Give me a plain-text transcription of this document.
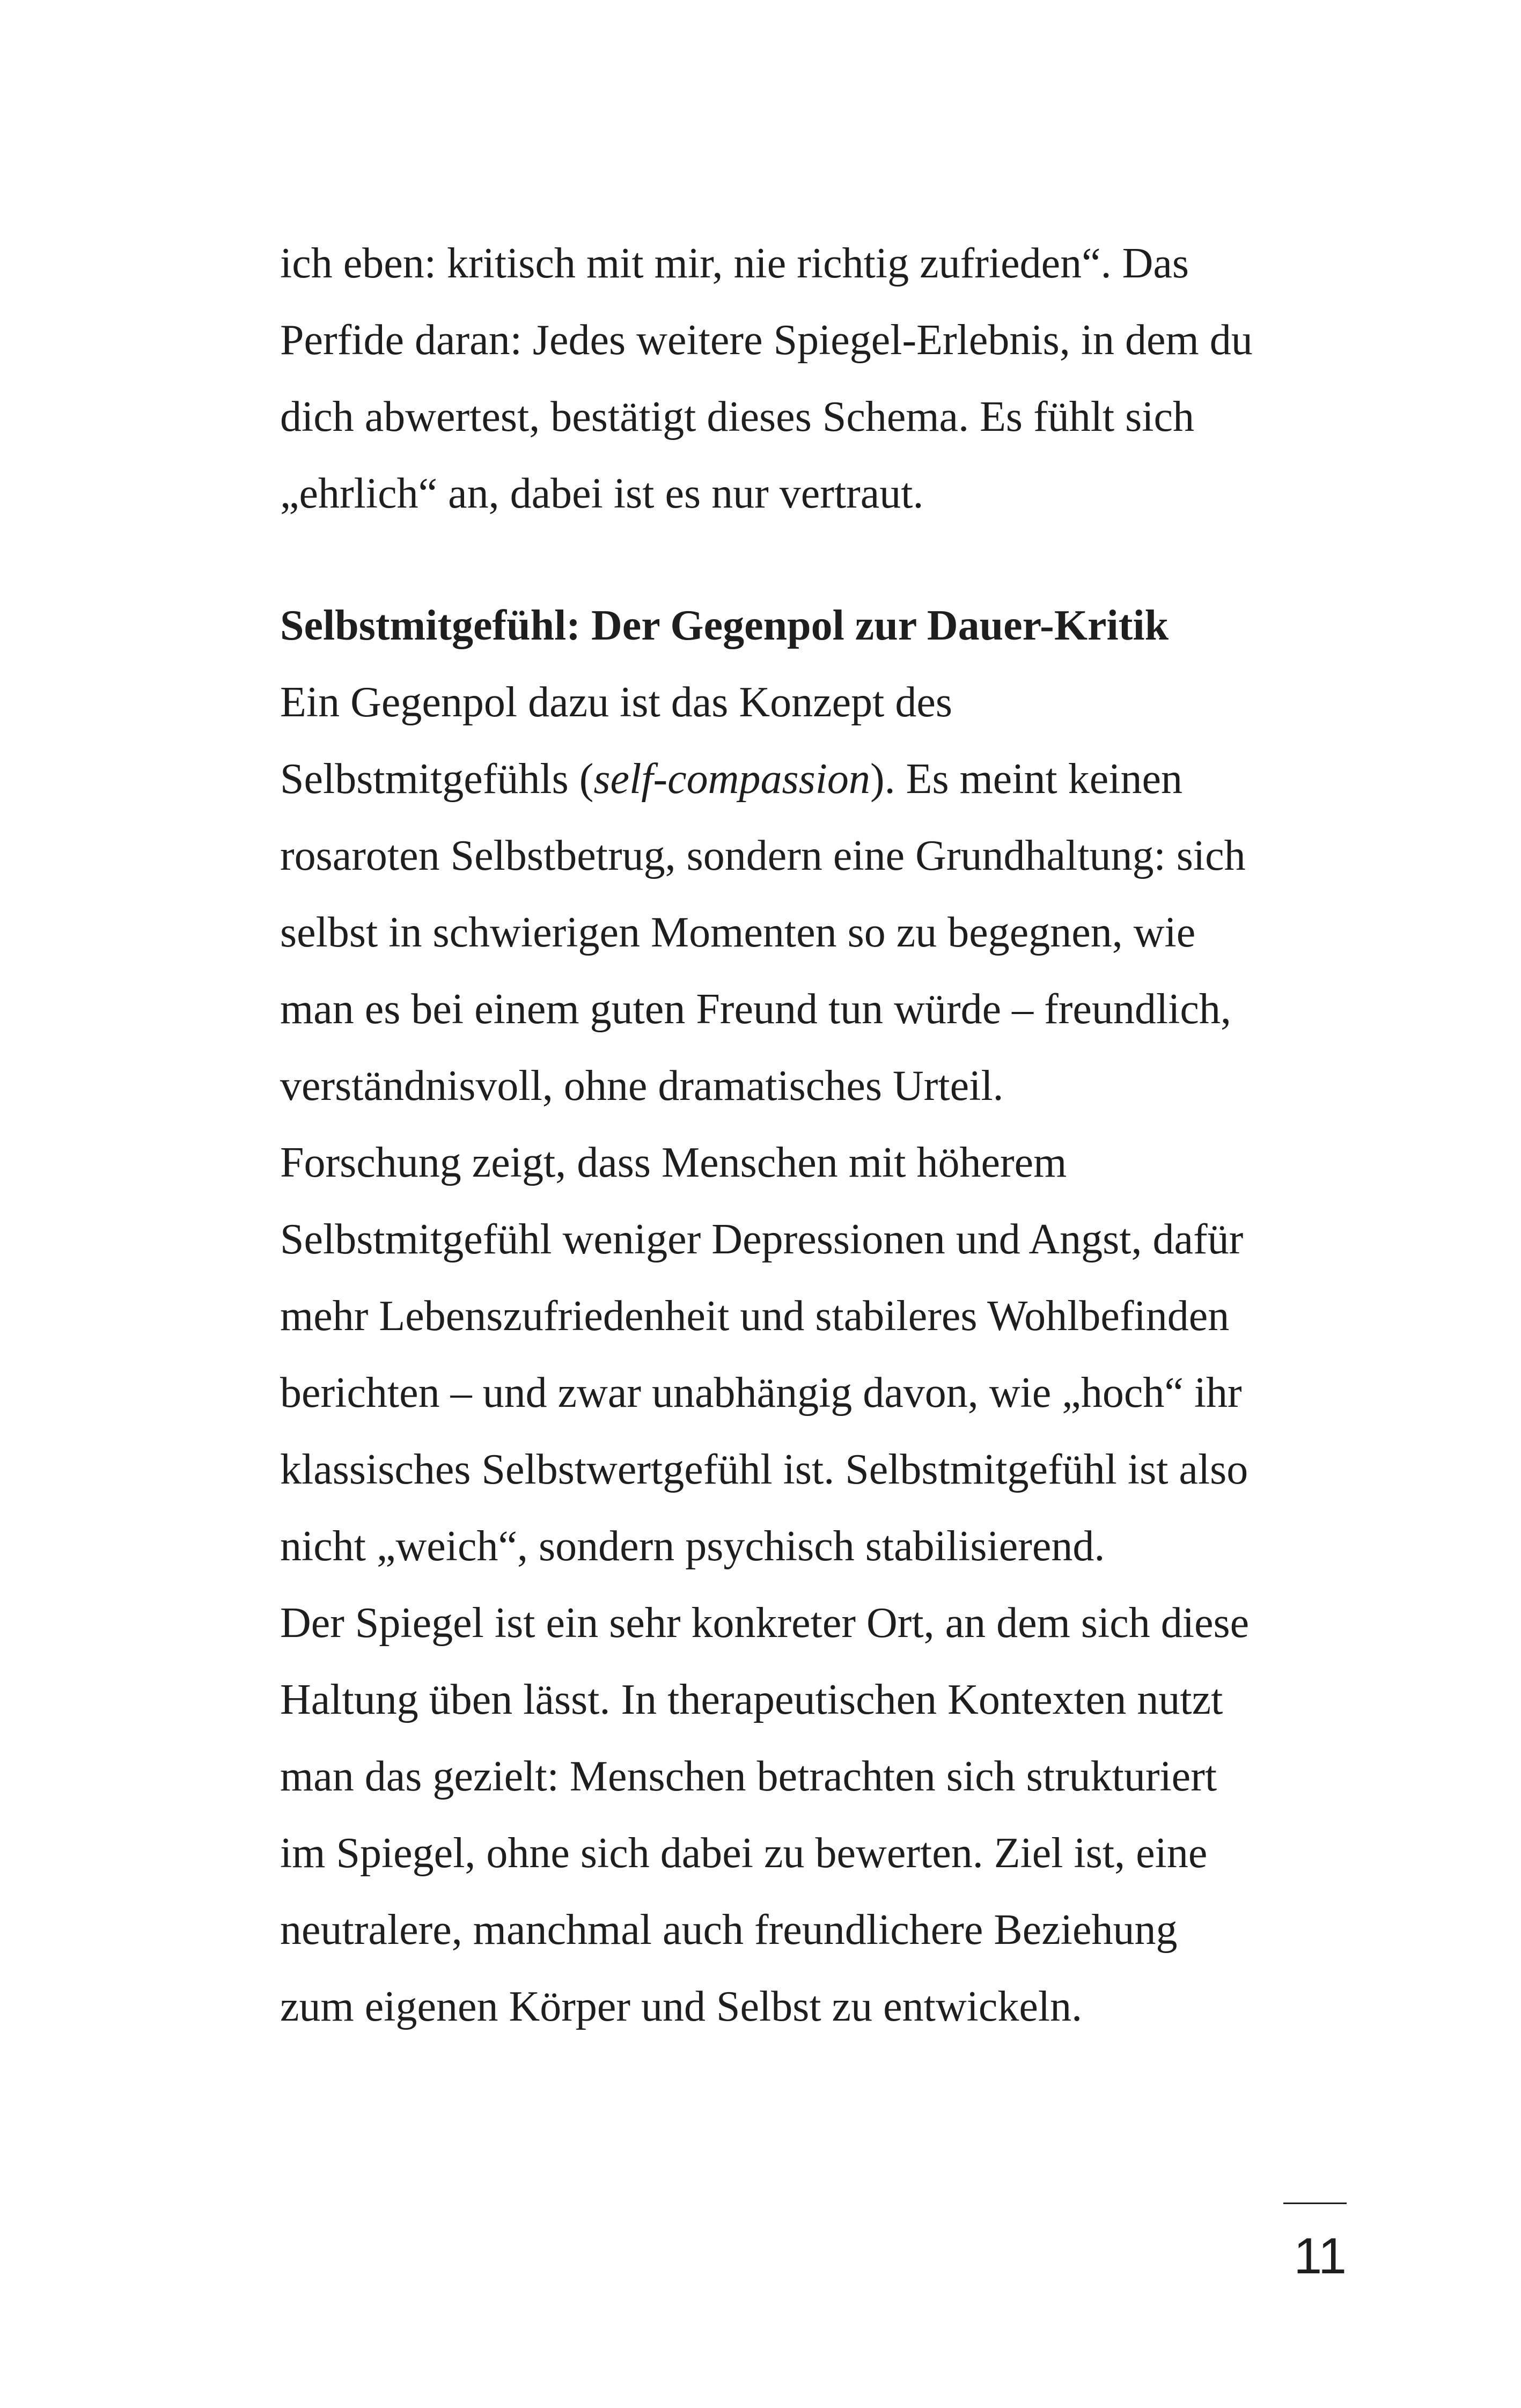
ich eben: kritisch mit mir, nie richtig zufrieden“. Das
Perfide daran: Jedes weitere Spiegel-Erlebnis, in dem du
dich abwertest, bestätigt dieses Schema. Es fühlt sich
„ehrlich“ an, dabei ist es nur vertraut.
Selbstmitgefühl: Der Gegenpol zur Dauer-Kritik
Ein Gegenpol dazu ist das Konzept des
Selbstmitgefühls (self-compassion). Es meint keinen
rosaroten Selbstbetrug, sondern eine Grundhaltung: sich
selbst in schwierigen Momenten so zu begegnen, wie
man es bei einem guten Freund tun würde – freundlich,
verständnisvoll, ohne dramatisches Urteil.
Forschung zeigt, dass Menschen mit höherem
Selbstmitgefühl weniger Depressionen und Angst, dafür
mehr Lebenszufriedenheit und stabileres Wohlbefinden
berichten – und zwar unabhängig davon, wie „hoch“ ihr
klassisches Selbstwertgefühl ist. Selbstmitgefühl ist also
nicht „weich“, sondern psychisch stabilisierend.
Der Spiegel ist ein sehr konkreter Ort, an dem sich diese
Haltung üben lässt. In therapeutischen Kontexten nutzt
man das gezielt: Menschen betrachten sich strukturiert
im Spiegel, ohne sich dabei zu bewerten. Ziel ist, eine
neutralere, manchmal auch freundlichere Beziehung
zum eigenen Körper und Selbst zu entwickeln.
11
